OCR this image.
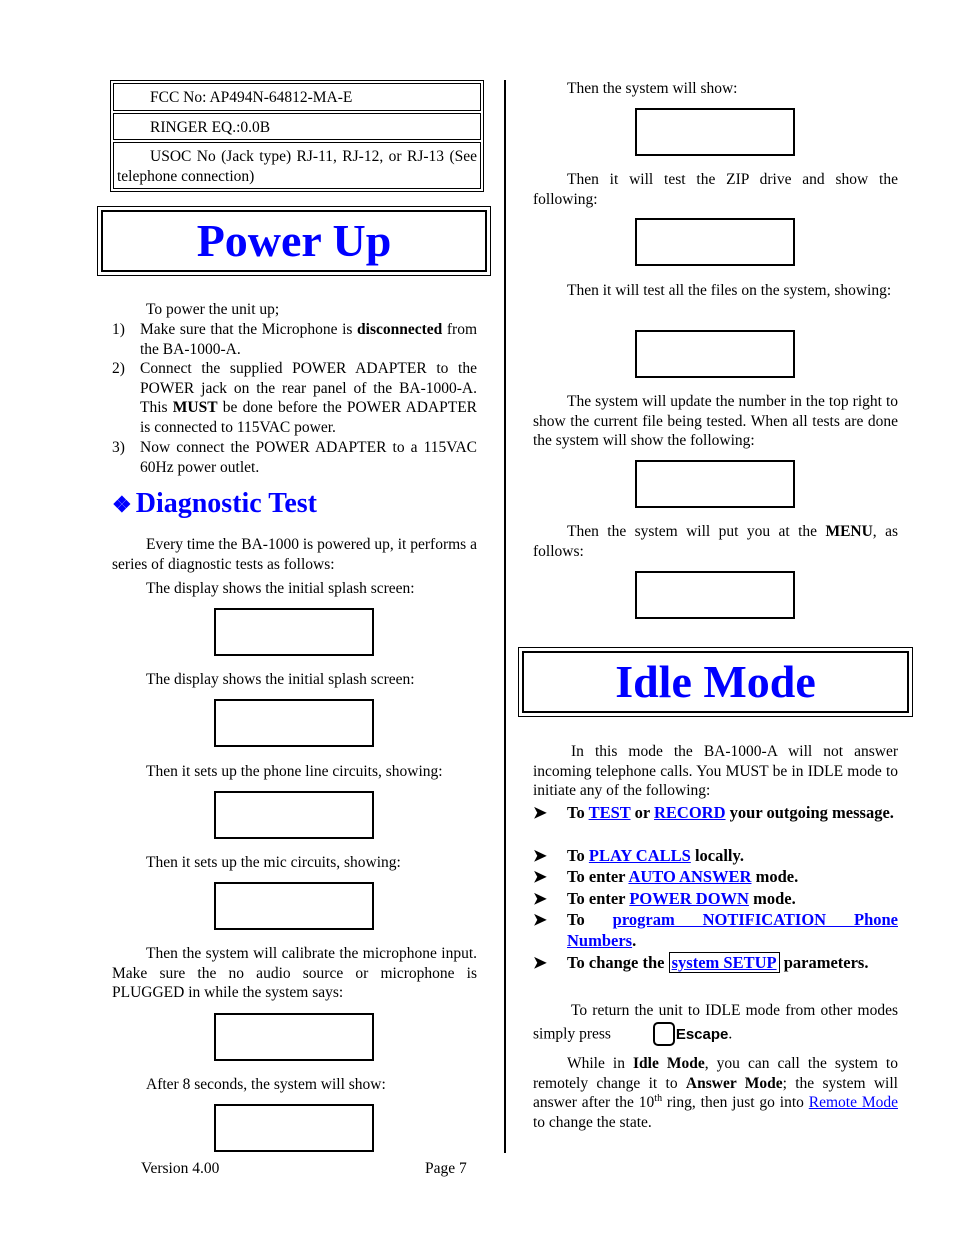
FCC No: AP494N-64812-MA-E
RINGER EQ.:0.0B
USOC No (Jack type) RJ-11, RJ-12, or RJ-13 (See telephone connection)
Power Up
To power the unit up;
1) Make sure that the Microphone is disconnected from the BA-1000-A.
2) Connect the supplied POWER ADAPTER to the POWER jack on the rear panel of the BA-1000-A. This MUST be done before the POWER ADAPTER is connected to 115VAC power.
3) Now connect the POWER ADAPTER to a 115VAC 60Hz power outlet.
❖ Diagnostic Test
Every time the BA-1000 is powered up, it performs a series of diagnostic tests as follows:
The display shows the initial splash screen:
The display shows the initial splash screen:
Then it sets up the phone line circuits, showing:
Then it sets up the mic circuits, showing:
Then the system will calibrate the microphone input. Make sure the no audio source or microphone is PLUGGED in while the system says:
After 8 seconds, the system will show:
Then the system will show:
Then it will test the ZIP drive and show the following:
Then it will test all the files on the system, showing:
The system will update the number in the top right to show the current file being tested. When all tests are done the system will show the following:
Then the system will put you at the MENU, as follows:
Idle Mode
In this mode the BA-1000-A will not answer incoming telephone calls. You MUST be in IDLE mode to initiate any of the following:
➤ To TEST or RECORD your outgoing message.
➤ To PLAY CALLS locally.
➤ To enter AUTO ANSWER mode.
➤ To enter POWER DOWN mode.
➤ To program NOTIFICATION Phone Numbers.
➤ To change the system SETUP parameters.
To return the unit to IDLE mode from other modes simply press	Escape.
While in Idle Mode, you can call the system to remotely change it to Answer Mode; the system will answer after the 10th ring, then just go into Remote Mode to change the state.
Version 4.00	Page 7
